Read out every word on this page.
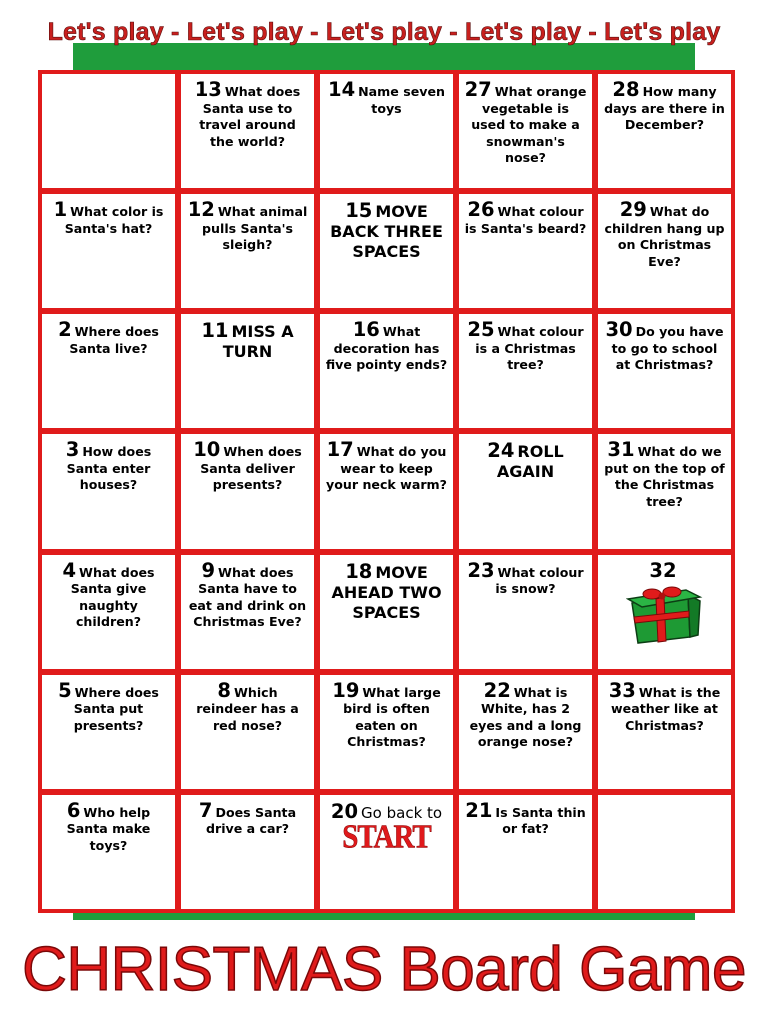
Let's play - Let's play - Let's play - Let's play - Let's play
13 What does Santa use to travel around the world?
14 Name seven toys
27 What orange vegetable is used to make a snowman's nose?
28 How many days are there in December?
1 What color is Santa's hat?
12 What animal pulls Santa's sleigh?
15 MOVE BACK THREE SPACES
26 What colour is Santa's beard?
29 What do children hang up on Christmas Eve?
2 Where does Santa live?
11 MISS A TURN
16 What decoration has five pointy ends?
25 What colour is a Christmas tree?
30 Do you have to go to school at Christmas?
3 How does Santa enter houses?
10 When does Santa deliver presents?
17 What do you wear to keep your neck warm?
24 ROLL AGAIN
31 What do we put on the top of the Christmas tree?
4 What does Santa give naughty children?
9 What does Santa have to eat and drink on Christmas Eve?
18 MOVE AHEAD TWO SPACES
23 What colour is snow?
32
5 Where does Santa put presents?
8 Which reindeer has a red nose?
19 What large bird is often eaten on Christmas?
22 What is White, has 2 eyes and a long orange nose?
33 What is the weather like at Christmas?
6 Who help Santa make toys?
7 Does Santa drive a car?
20 Go back to
START
21 Is Santa thin or fat?
CHRISTMAS Board Game
